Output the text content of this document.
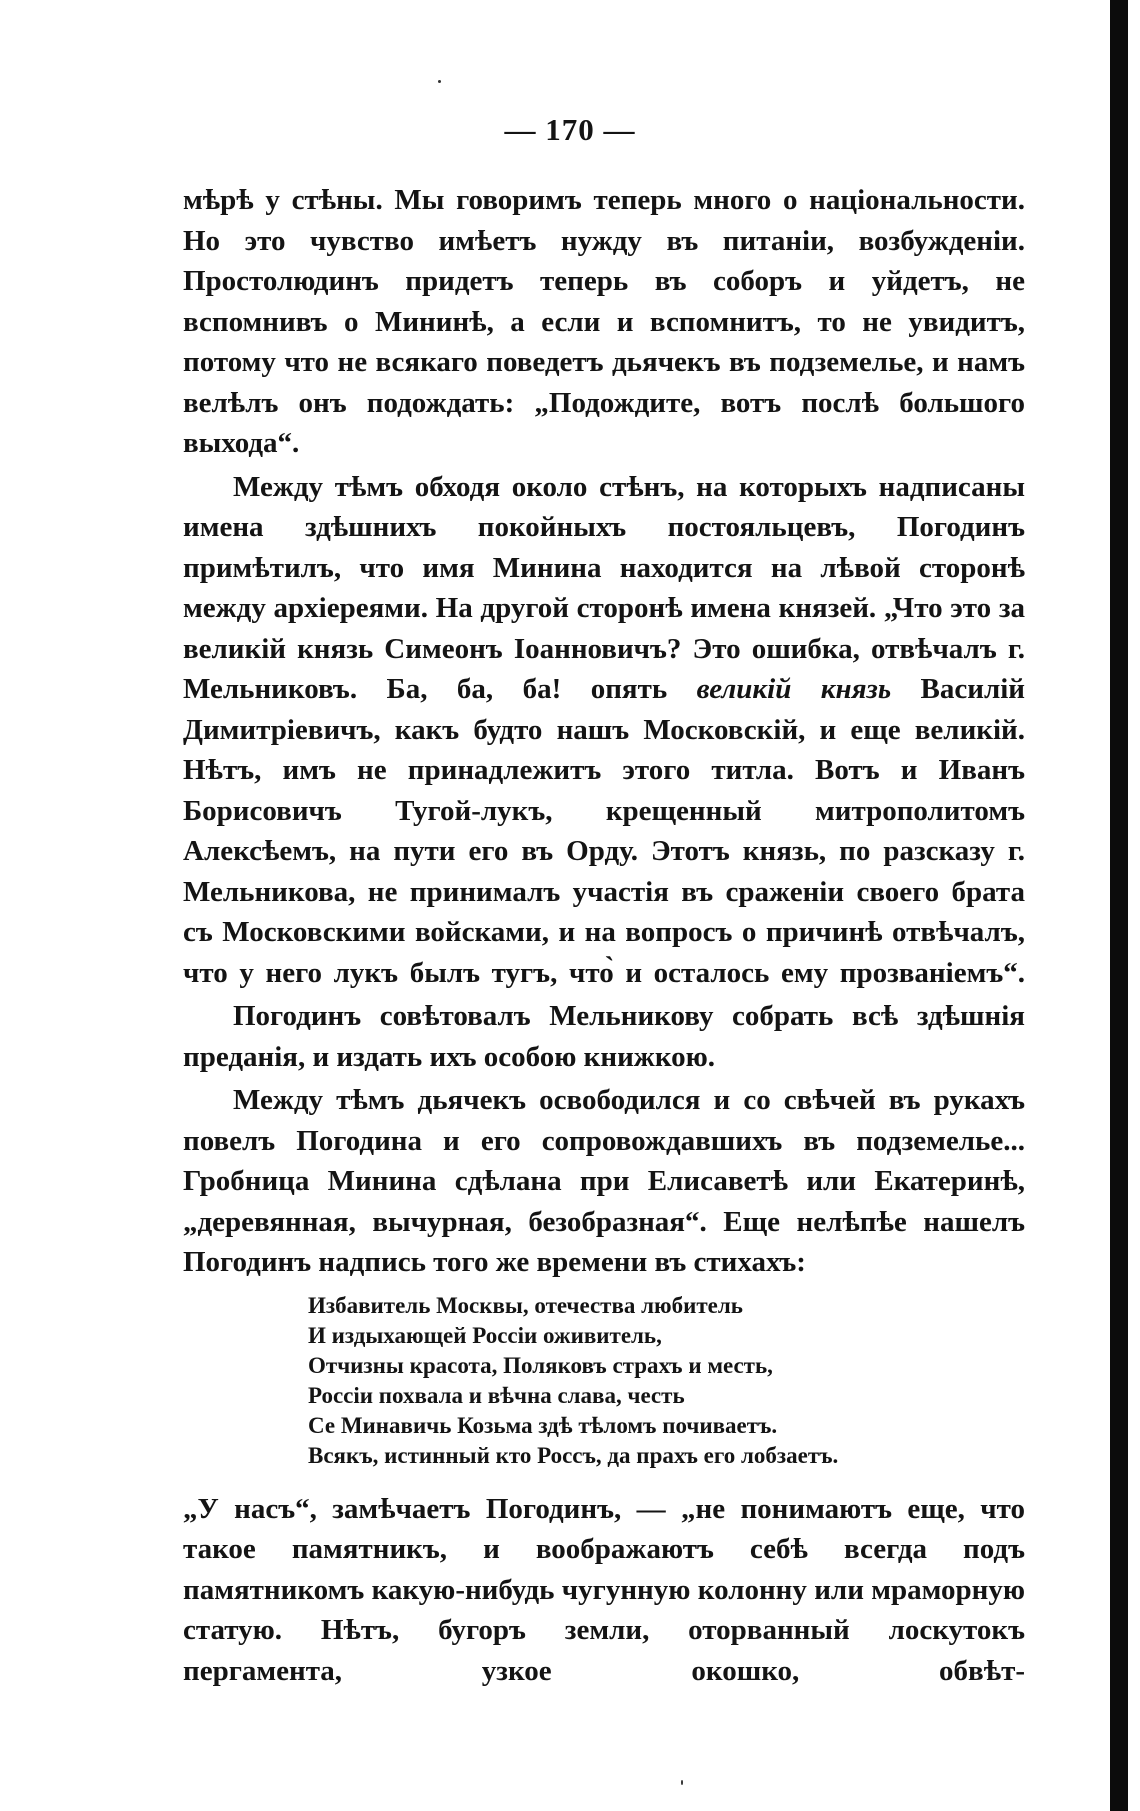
— 170 —

мѣрѣ у стѣны. Мы говоримъ теперь много о національности. Но это чувство имѣетъ нужду въ питаніи, возбужденіи. Простолюдинъ придетъ теперь въ соборъ и уйдетъ, не вспомнивъ о Мининѣ, а если и вспомнитъ, то не увидитъ, потому что не всякаго поведетъ дьячекъ въ подземелье, и намъ велѣлъ онъ подождать: „Подождите, вотъ послѣ большого выхода“.

Между тѣмъ обходя около стѣнъ, на которыхъ надписаны имена здѣшнихъ покойныхъ постояльцевъ, Погодинъ примѣтилъ, что имя Минина находится на лѣвой сторонѣ между архіереями. На другой сторонѣ имена князей. „Что это за великій князь Симеонъ Іоанновичъ? Это ошибка, отвѣчалъ г. Мельниковъ. Ба, ба, ба! опять великій князь Василій Димитріевичъ, какъ будто нашъ Московскій, и еще великій. Нѣтъ, имъ не принадлежитъ этого титла. Вотъ и Иванъ Борисовичъ Тугой-лукъ, крещенный митрополитомъ Алексѣемъ, на пути его въ Орду. Этотъ князь, по разсказу г. Мельникова, не принималъ участія въ сраженіи своего брата съ Московскими войсками, и на вопросъ о причинѣ отвѣчалъ, что у него лукъ былъ тугъ, что̀ и осталось ему прозваніемъ“.

Погодинъ совѣтовалъ Мельникову собрать всѣ здѣшнія преданія, и издать ихъ особою книжкою.

Между тѣмъ дьячекъ освободился и со свѣчей въ рукахъ повелъ Погодина и его сопровождавшихъ въ подземелье... Гробница Минина сдѣлана при Елисаветѣ или Екатеринѣ, „деревянная, вычурная, безобразная“. Еще нелѣпѣе нашелъ Погодинъ надпись того же времени въ стихахъ:

Избавитель Москвы, отечества любитель
И издыхающей Россіи оживитель,
Отчизны красота, Поляковъ страхъ и месть,
Россіи похвала и вѣчна слава, честь
Се Минавичь Козьма здѣ тѣломъ почиваетъ.
Всякъ, истинный кто Россъ, да прахъ его лобзаетъ.

„У насъ“, замѣчаетъ Погодинъ, — „не понимаютъ еще, что такое памятникъ, и воображаютъ себѣ всегда подъ памятникомъ какую-нибудь чугунную колонну или мраморную статую. Нѣтъ, бугоръ земли, оторванный лоскутокъ пергамента, узкое окошко, обвѣт-
